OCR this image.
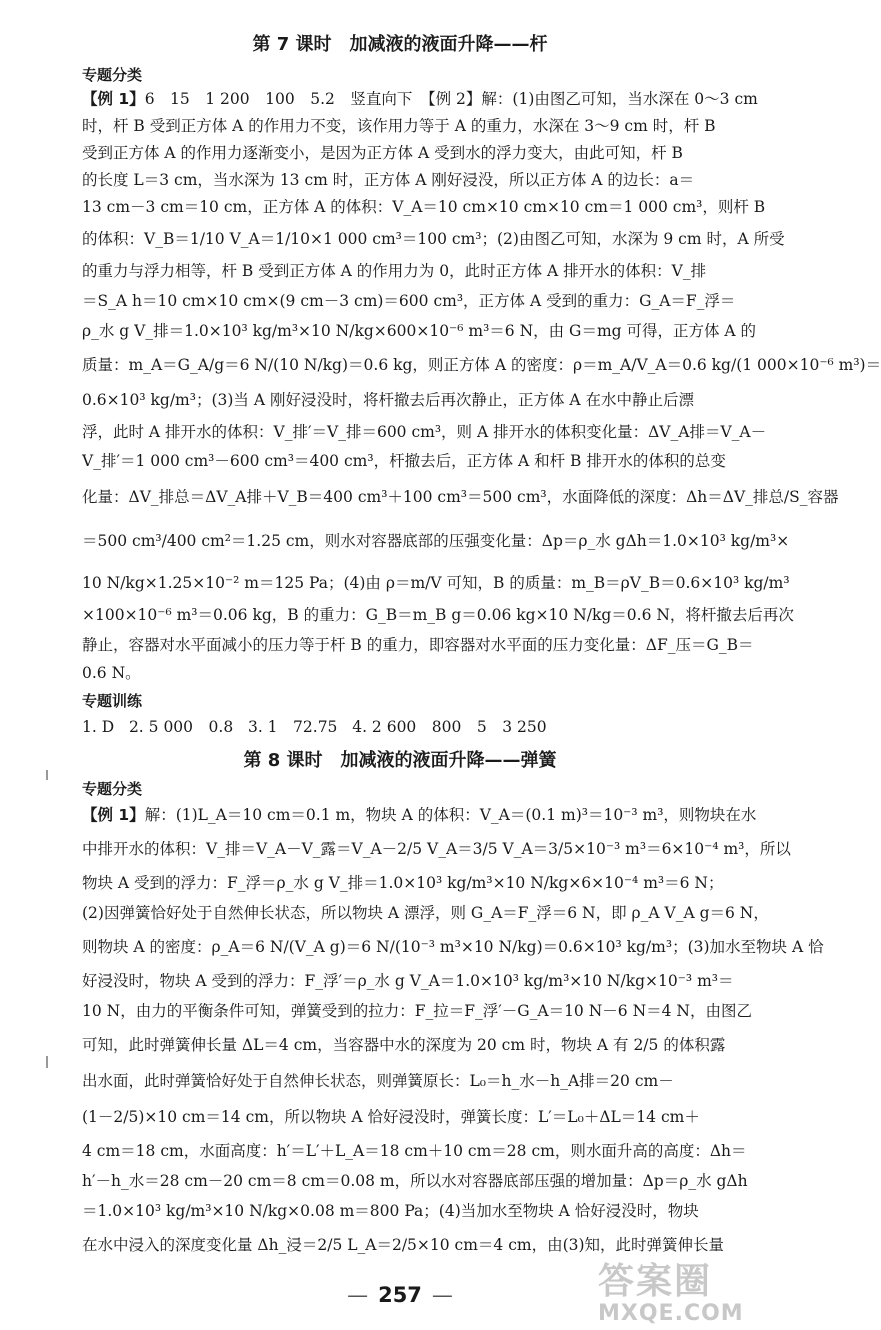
第 7 课时　加减液的液面升降——杆
专题分类
【例 1】6　15　1 200　100　5.2　竖直向下　【例 2】解：(1)由图乙可知，当水深在 0～3 cm
时，杆 B 受到正方体 A 的作用力不变，该作用力等于 A 的重力，水深在 3～9 cm 时，杆 B
受到正方体 A 的作用力逐渐变小，是因为正方体 A 受到水的浮力变大，由此可知，杆 B
的长度 L＝3 cm，当水深为 13 cm 时，正方体 A 刚好浸没，所以正方体 A 的边长：a＝
13 cm－3 cm＝10 cm，正方体 A 的体积：V_A＝10 cm×10 cm×10 cm＝1 000 cm³，则杆 B
的体积：V_B＝1/10 V_A＝1/10×1 000 cm³＝100 cm³；(2)由图乙可知，水深为 9 cm 时，A 所受
的重力与浮力相等，杆 B 受到正方体 A 的作用力为 0，此时正方体 A 排开水的体积：V_排
＝S_A h＝10 cm×10 cm×(9 cm－3 cm)＝600 cm³，正方体 A 受到的重力：G_A＝F_浮＝
ρ_水 g V_排＝1.0×10³ kg/m³×10 N/kg×600×10⁻⁶ m³＝6 N，由 G＝mg 可得，正方体 A 的
质量：m_A＝G_A/g＝6 N/(10 N/kg)＝0.6 kg，则正方体 A 的密度：ρ＝m_A/V_A＝0.6 kg/(1 000×10⁻⁶ m³)＝
0.6×10³ kg/m³；(3)当 A 刚好浸没时，将杆撤去后再次静止，正方体 A 在水中静止后漂
浮，此时 A 排开水的体积：V_排′＝V_排＝600 cm³，则 A 排开水的体积变化量：ΔV_A排＝V_A－
V_排′＝1 000 cm³－600 cm³＝400 cm³，杆撤去后，正方体 A 和杆 B 排开水的体积的总变
化量：ΔV_排总＝ΔV_A排＋V_B＝400 cm³＋100 cm³＝500 cm³，水面降低的深度：Δh＝ΔV_排总/S_容器
＝500 cm³/400 cm²＝1.25 cm，则水对容器底部的压强变化量：Δp＝ρ_水 gΔh＝1.0×10³ kg/m³×
10 N/kg×1.25×10⁻² m＝125 Pa；(4)由 ρ＝m/V 可知，B 的质量：m_B＝ρV_B＝0.6×10³ kg/m³
×100×10⁻⁶ m³＝0.06 kg，B 的重力：G_B＝m_B g＝0.06 kg×10 N/kg＝0.6 N，将杆撤去后再次
静止，容器对水平面减小的压力等于杆 B 的重力，即容器对水平面的压力变化量：ΔF_压＝G_B＝
0.6 N。
专题训练
1. D 2. 5 000　0.8 3. 1　72.75 4. 2 600　800　5　3 250
第 8 课时　加减液的液面升降——弹簧
专题分类
【例 1】解：(1)L_A＝10 cm＝0.1 m，物块 A 的体积：V_A＝(0.1 m)³＝10⁻³ m³，则物块在水
中排开水的体积：V_排＝V_A－V_露＝V_A－2/5 V_A＝3/5 V_A＝3/5×10⁻³ m³＝6×10⁻⁴ m³，所以
物块 A 受到的浮力：F_浮＝ρ_水 g V_排＝1.0×10³ kg/m³×10 N/kg×6×10⁻⁴ m³＝6 N；
(2)因弹簧恰好处于自然伸长状态，所以物块 A 漂浮，则 G_A＝F_浮＝6 N，即 ρ_A V_A g＝6 N，
则物块 A 的密度：ρ_A＝6 N/(V_A g)＝6 N/(10⁻³ m³×10 N/kg)＝0.6×10³ kg/m³；(3)加水至物块 A 恰
好浸没时，物块 A 受到的浮力：F_浮′＝ρ_水 g V_A＝1.0×10³ kg/m³×10 N/kg×10⁻³ m³＝
10 N，由力的平衡条件可知，弹簧受到的拉力：F_拉＝F_浮′－G_A＝10 N－6 N＝4 N，由图乙
可知，此时弹簧伸长量 ΔL＝4 cm，当容器中水的深度为 20 cm 时，物块 A 有 2/5 的体积露
出水面，此时弹簧恰好处于自然伸长状态，则弹簧原长：L₀＝h_水－h_A排＝20 cm－
(1－2/5)×10 cm＝14 cm，所以物块 A 恰好浸没时，弹簧长度：L′＝L₀＋ΔL＝14 cm＋
4 cm＝18 cm，水面高度：h′＝L′＋L_A＝18 cm＋10 cm＝28 cm，则水面升高的高度：Δh＝
h′－h_水＝28 cm－20 cm＝8 cm＝0.08 m，所以水对容器底部压强的增加量：Δp＝ρ_水 gΔh
＝1.0×10³ kg/m³×10 N/kg×0.08 m＝800 Pa；(4)当加水至物块 A 恰好浸没时，物块
在水中浸入的深度变化量 Δh_浸＝2/5 L_A＝2/5×10 cm＝4 cm，由(3)知，此时弹簧伸长量
— 257 —	答案圈
MXQE.COM
